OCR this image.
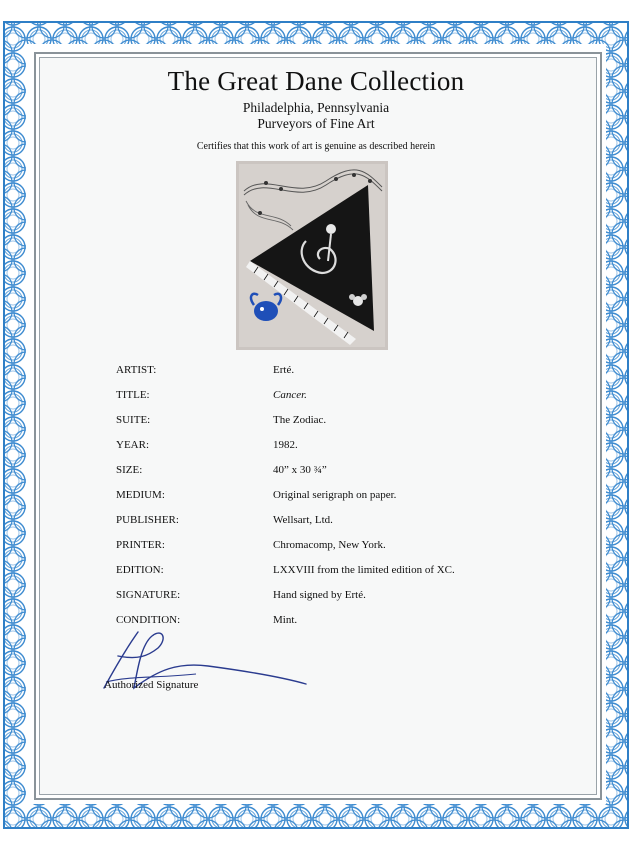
The Great Dane Collection
Philadelphia, Pennsylvania
Purveyors of Fine Art
Certifies that this work of art is genuine as described herein
ARTIST:	Erté.
TITLE:	Cancer.
SUITE:	The Zodiac.
YEAR:	1982.
SIZE:	40” x 30 ¾”
MEDIUM:	Original serigraph on paper.
PUBLISHER:	Wellsart, Ltd.
PRINTER:	Chromacomp, New York.
EDITION:	LXXVIII from the limited edition of XC.
SIGNATURE:	Hand signed by Erté.
CONDITION:	Mint.
Authorized Signature
